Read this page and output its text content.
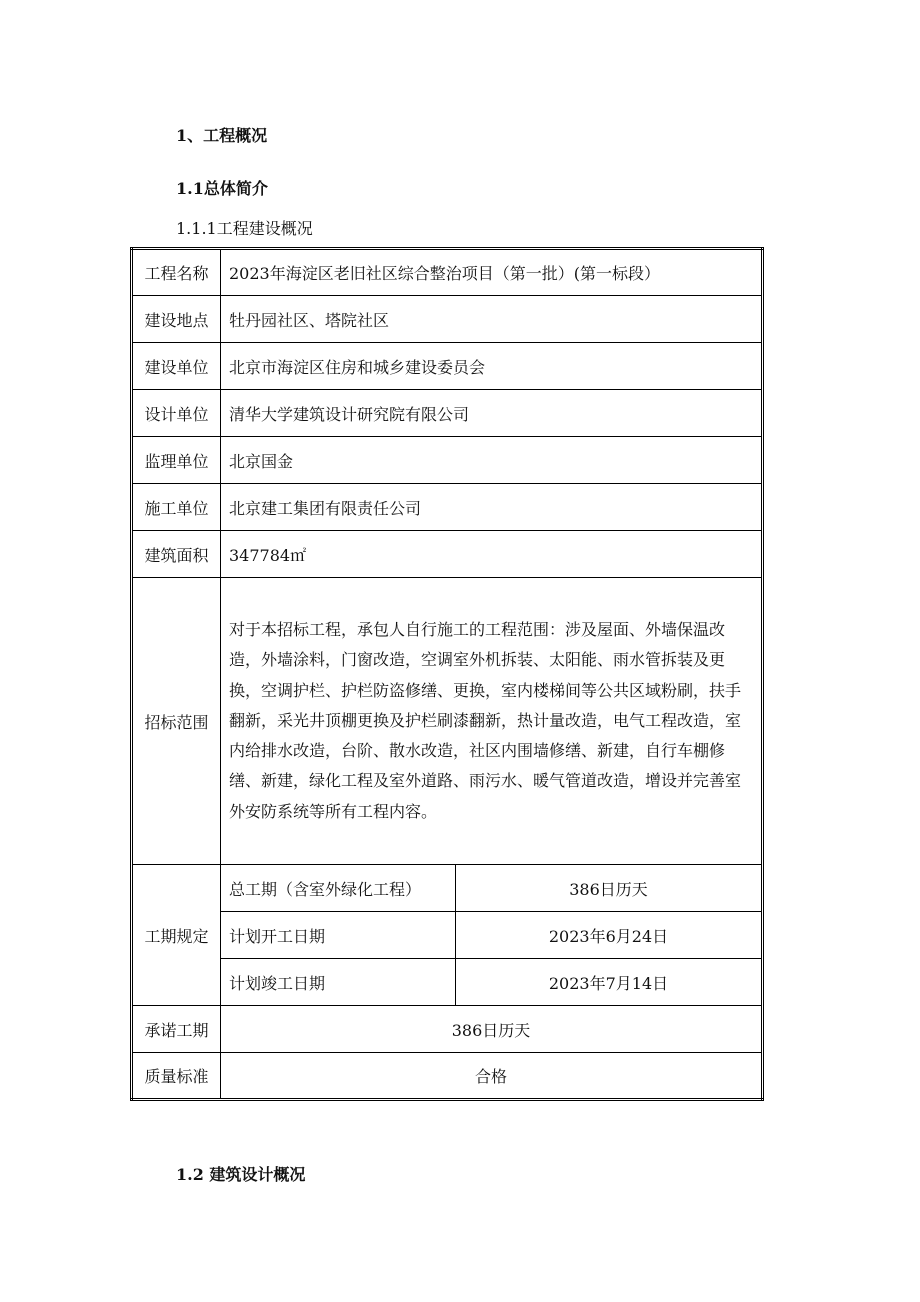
1、工程概况

1.1总体简介

1.1.1工程建设概况

工程名称	2023年海淀区老旧社区综合整治项目（第一批）(第一标段）	
建设地点	牡丹园社区、塔院社区	
建设单位	北京市海淀区住房和城乡建设委员会	
设计单位	清华大学建筑设计研究院有限公司	
监理单位	北京国金	
施工单位	北京建工集团有限责任公司	
建筑面积	347784㎡	
招标范围	对于本招标工程，承包人自行施工的工程范围：涉及屋面、外墙保温改造，外墙涂料，门窗改造，空调室外机拆装、太阳能、雨水管拆装及更换，空调护栏、护栏防盗修缮、更换，室内楼梯间等公共区域粉刷，扶手翻新，采光井顶棚更换及护栏刷漆翻新，热计量改造，电气工程改造，室内给排水改造，台阶、散水改造，社区内围墙修缮、新建，自行车棚修缮、新建，绿化工程及室外道路、雨污水、暖气管道改造，增设并完善室外安防系统等所有工程内容。	
工期规定	总工期（含室外绿化工程）	386日历天
	计划开工日期	2023年6月24日
	计划竣工日期	2023年7月14日
承诺工期	386日历天	
质量标准	合格	

1.2 建筑设计概况
